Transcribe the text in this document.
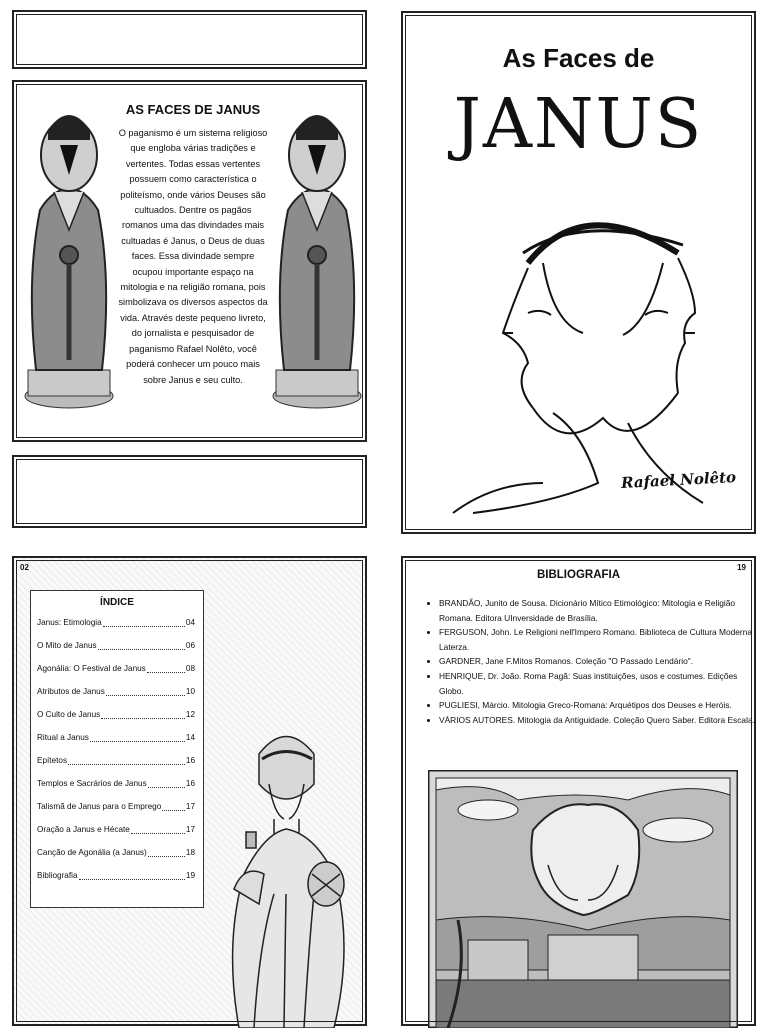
AS FACES DE JANUS
O paganismo é um sistema religioso que engloba várias tradições e vertentes. Todas essas vertentes possuem como característica o politeísmo, onde vários Deuses são cultuados. Dentre os pagãos romanos uma das divindades mais cultuadas é Janus, o Deus de duas faces. Essa divindade sempre ocupou importante espaço na mitologia e na religião romana, pois simbolizava os diversos aspectos da vida. Através deste pequeno livreto, do jornalista e pesquisador de paganismo Rafael Nolêto, você poderá conhecer um pouco mais sobre Janus e seu culto.
As Faces de
JANUS
Rafael Nolêto
02
ÍNDICE
Janus: Etimologia	04
O Mito de Janus	06
Agonália: O Festival de Janus	08
Atributos de Janus	10
O Culto de Janus	12
Ritual a Janus	14
Epítetos	16
Templos e Sacrários de Janus	16
Talismã de Janus para o Emprego	17
Oração a Janus e Hécate	17
Canção de Agonália (a Janus)	18
Bibliografia	19
19
BIBLIOGRAFIA
• BRANDÃO, Junito de Sousa. Dicionário Mítico Etimológico: Mitologia e Religião Romana. Editora UInversidade de Brasília.
• FERGUSON, John. Le Religioni nell'Impero Romano. Biblioteca de Cultura Moderna Laterza.
• GARDNER, Jane F.Mitos Romanos. Coleção "O Passado Lendário".
• HENRIQUE, Dr. João. Roma Pagã: Suas instituições, usos e costumes. Edições Globo.
• PUGLIESI, Márcio. Mitologia Greco-Romana: Arquétipos dos Deuses e Heróis.
• VÁRIOS AUTORES. Mitologia da Antiguidade. Coleção Quero Saber. Editora Escala.
